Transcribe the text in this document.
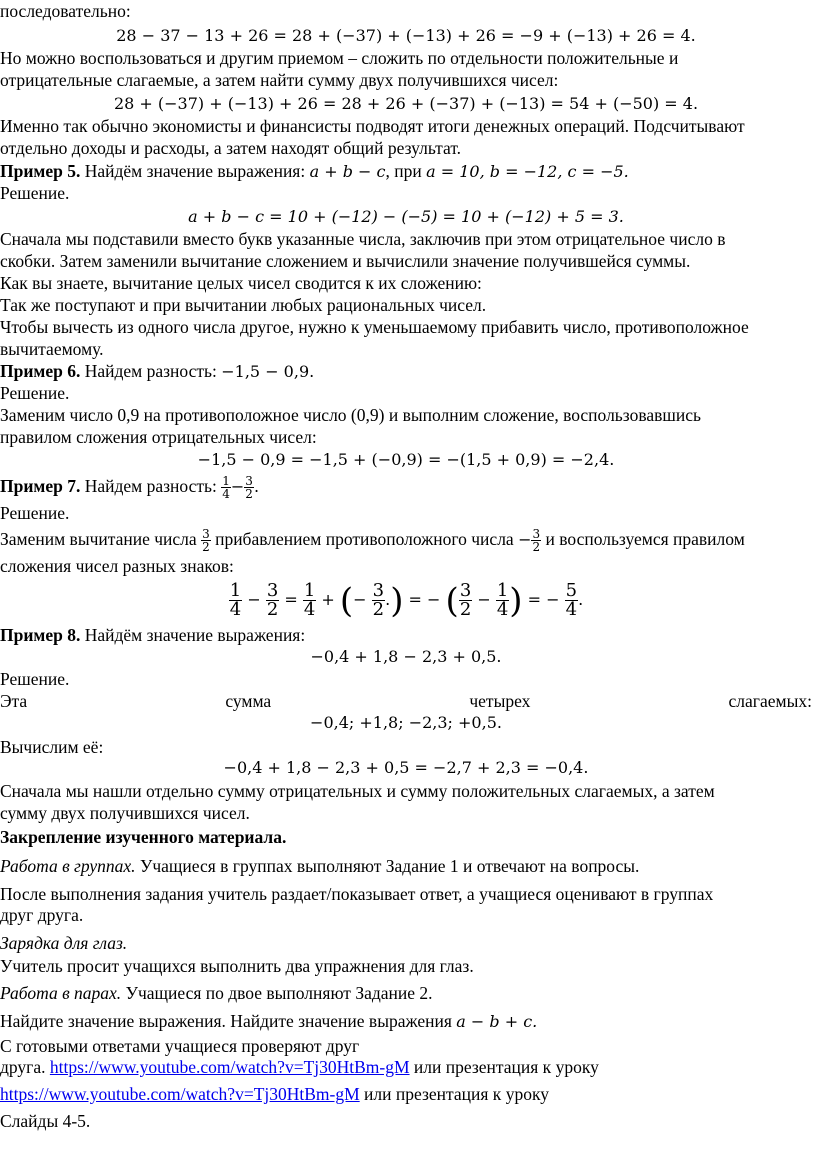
последовательно:
28 − 37 − 13 + 26 = 28 + (−37) + (−13) + 26 = −9 + (−13) + 26 = 4.
Но можно воспользоваться и другим приемом – сложить по отдельности положительные и
отрицательные слагаемые, а затем найти сумму двух получившихся чисел:
28 + (−37) + (−13) + 26 = 28 + 26 + (−37) + (−13) = 54 + (−50) = 4.
Именно так обычно экономисты и финансисты подводят итоги денежных операций. Подсчитывают
отдельно доходы и расходы, а затем находят общий результат.
Пример 5. Найдём значение выражения: a + b − c, при a = 10, b = −12, c = −5.
Решение.
a + b − c = 10 + (−12) − (−5) = 10 + (−12) + 5 = 3.
Сначала мы подставили вместо букв указанные числа, заключив при этом отрицательное число в
скобки. Затем заменили вычитание сложением и вычислили значение получившейся суммы.
Как вы знаете, вычитание целых чисел сводится к их сложению:
Так же поступают и при вычитании любых рациональных чисел.
Чтобы вычесть из одного числа другое, нужно к уменьшаемому прибавить число, противоположное
вычитаемому.
Пример 6. Найдем разность: −1,5 − 0,9.
Решение.
Заменим число 0,9 на противоположное число (0,9) и выполним сложение, воспользовавшись
правилом сложения отрицательных чисел:
−1,5 − 0,9 = −1,5 + (−0,9) = −(1,5 + 0,9) = −2,4.
Пример 7. Найдем разность: $\frac{1}{4} - \frac{3}{2}$ .
Решение.
Заменим вычитание числа $\frac{3}{2}$ прибавлением противоположного числа − $\frac{3}{2}$ и воспользуемся правилом
сложения чисел разных знаков:
$\frac{1}{4} - \frac{3}{2} = \frac{1}{4}$ + (− $\frac{3}{2}$ .) = − ( $\frac{3}{2} - \frac{1}{4}$ ) = − $\frac{5}{4}$ .
Пример 8. Найдём значение выражения:
−0,4 + 1,8 − 2,3 + 0,5.
Решение.
Эта	сумма	четырех	слагаемых:
−0,4; +1,8; −2,3; +0,5.
Вычислим её:
−0,4 + 1,8 − 2,3 + 0,5 = −2,7 + 2,3 = −0,4.
Сначала мы нашли отдельно сумму отрицательных и сумму положительных слагаемых, а затем
сумму двух получившихся чисел.
Закрепление изученного материала.
Работа в группах. Учащиеся в группах выполняют Задание 1 и отвечают на вопросы.
После выполнения задания учитель раздает/показывает ответ, а учащиеся оценивают в группах
друг друга.
Зарядка для глаз.
Учитель просит учащихся выполнить два упражнения для глаз.
Работа в парах. Учащиеся по двое выполняют Задание 2.
Найдите значение выражения. Найдите значение выражения a − b + c.
С готовыми ответами учащиеся проверяют друг
друга. https://www.youtube.com/watch?v=Tj30HtBm-gM или презентация к уроку
https://www.youtube.com/watch?v=Tj30HtBm-gM или презентация к уроку
Слайды 4-5.
